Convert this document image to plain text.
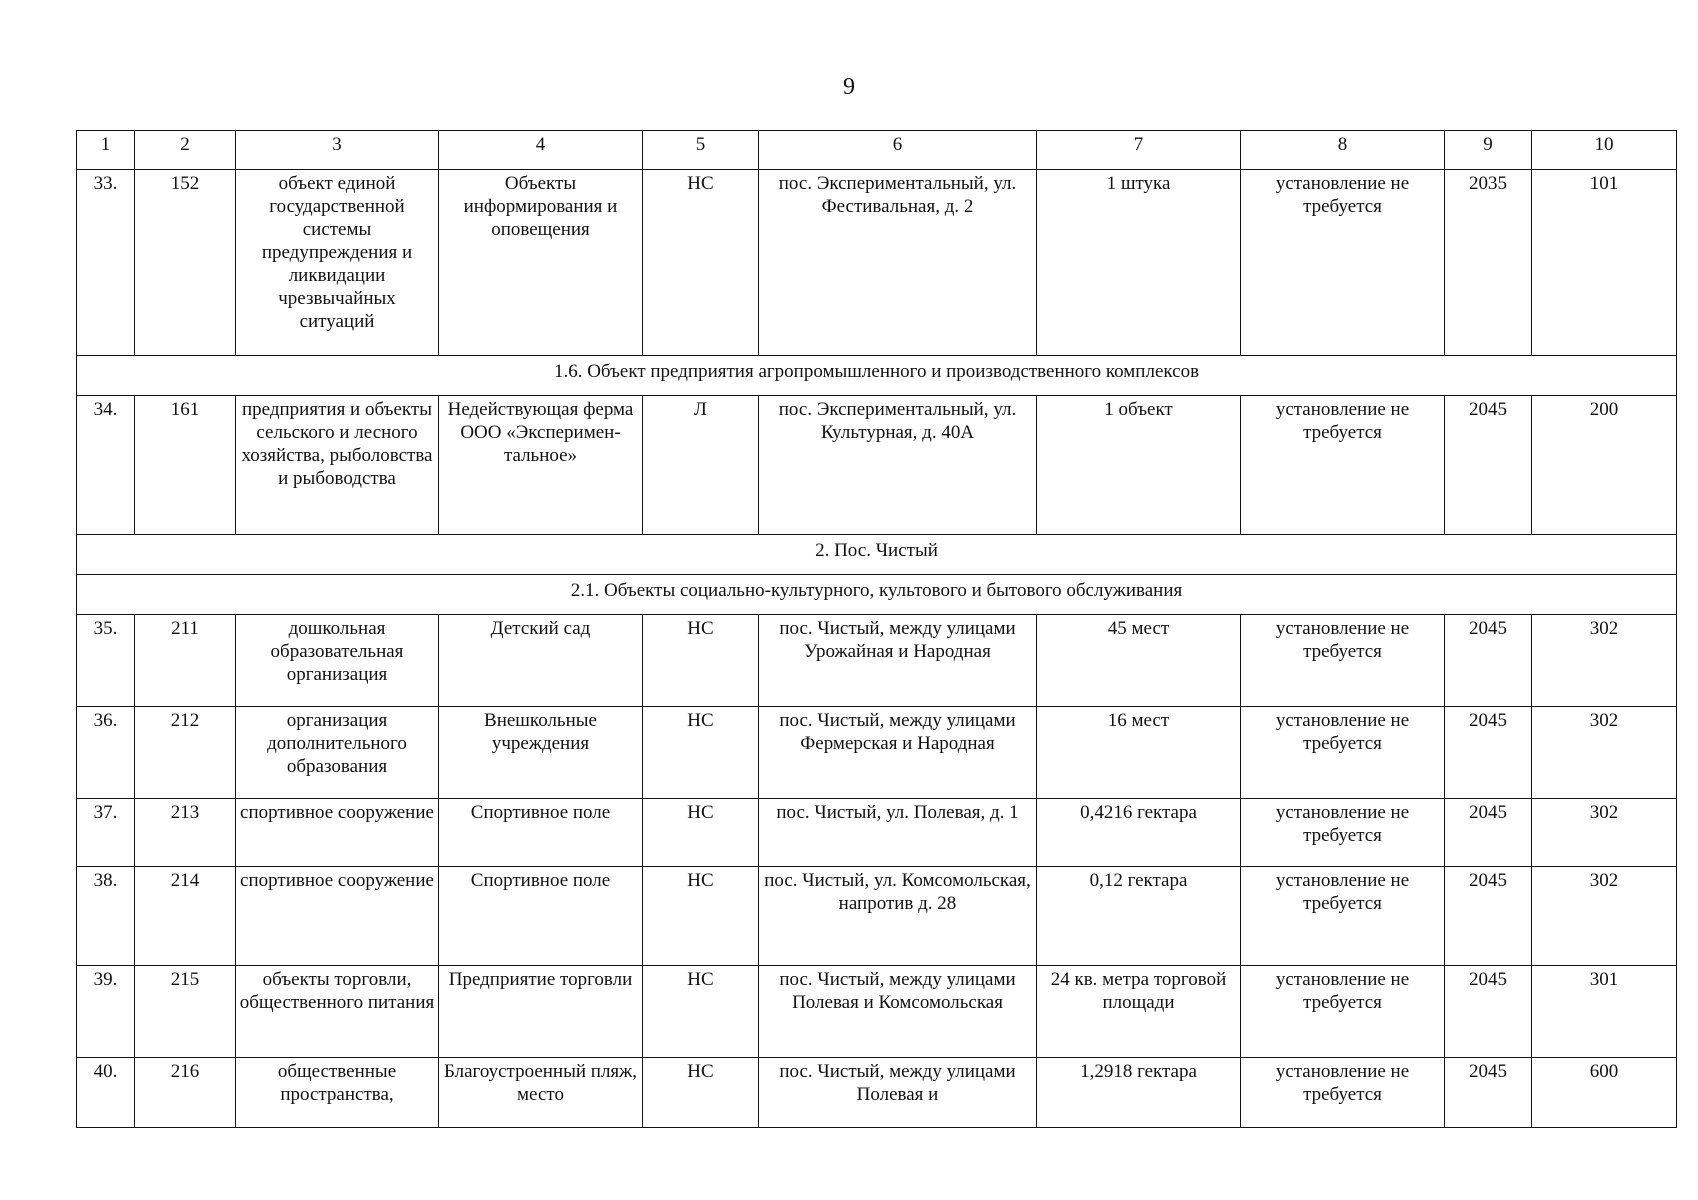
9
1	2	3	4	5	6	7	8	9	10
33.	152	объект единой государственной системы предупреждения и ликвидации чрезвычайных ситуаций	Объекты информирования и оповещения	НС	пос. Экспериментальный, ул. Фестивальная, д. 2	1 штука	установление не требуется	2035	101
1.6. Объект предприятия агропромышленного и производственного комплексов									
34.	161	предприятия и объекты сельского и лесного хозяйства, рыболовства и рыбоводства	Недействующая ферма ООО «Эксперимен-тальное»	Л	пос. Экспериментальный, ул. Культурная, д. 40А	1 объект	установление не требуется	2045	200
2. Пос. Чистый									
2.1. Объекты социально-культурного, культового и бытового обслуживания									
35.	211	дошкольная образовательная организация	Детский сад	НС	пос. Чистый, между улицами Урожайная и Народная	45 мест	установление не требуется	2045	302
36.	212	организация дополнительного образования	Внешкольные учреждения	НС	пос. Чистый, между улицами Фермерская и Народная	16 мест	установление не требуется	2045	302
37.	213	спортивное сооружение	Спортивное поле	НС	пос. Чистый, ул. Полевая, д. 1	0,4216 гектара	установление не требуется	2045	302
38.	214	спортивное сооружение	Спортивное поле	НС	пос. Чистый, ул. Комсомольская, напротив д. 28	0,12 гектара	установление не требуется	2045	302
39.	215	объекты торговли, общественного питания	Предприятие торговли	НС	пос. Чистый, между улицами Полевая и Комсомольская	24 кв. метра торговой площади	установление не требуется	2045	301
40.	216	общественные пространства,	Благоустроенный пляж, место	НС	пос. Чистый, между улицами Полевая и	1,2918 гектара	установление не требуется	2045	600
